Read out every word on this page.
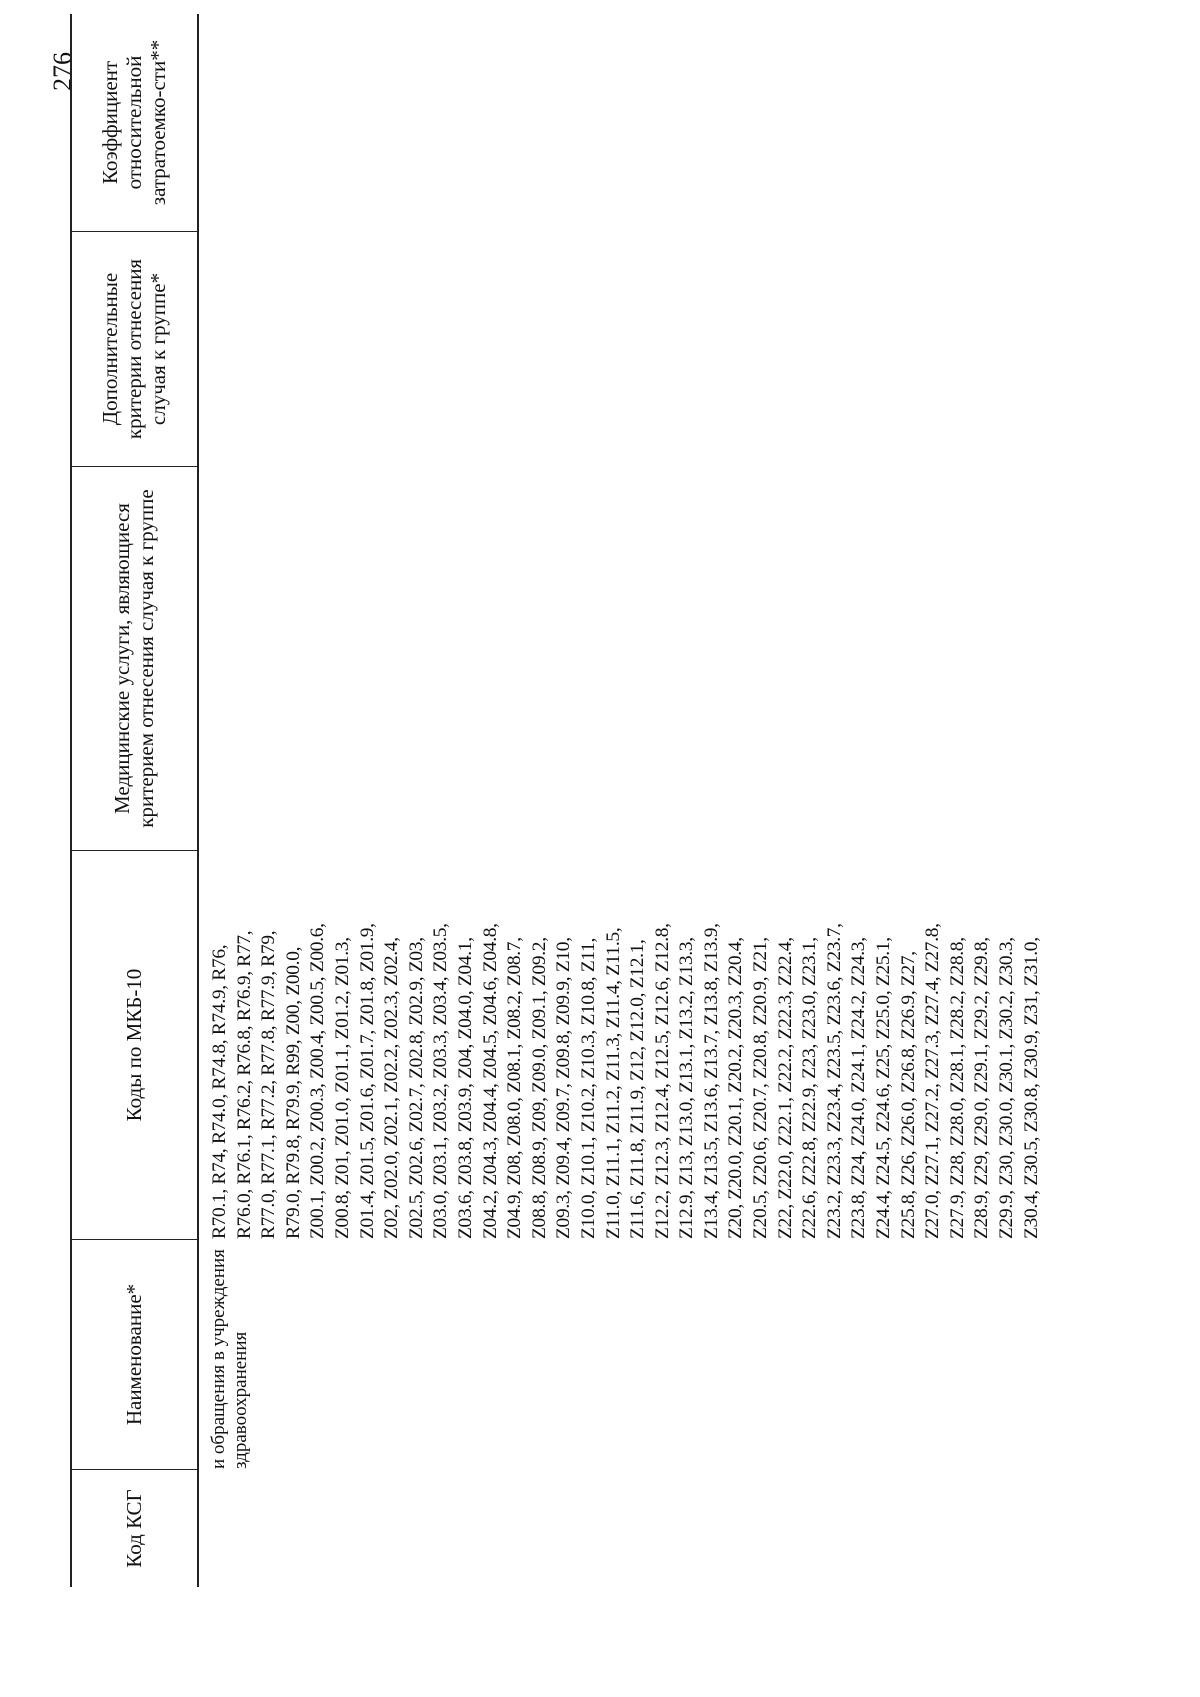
276
Код КСГ
Наименование*
Коды по МКБ-10
Медицинские услуги, являющиеся критерием отнесения случая к группе
Дополнительные критерии отнесения случая к группе*
Коэффициент относительной затратоемко-сти**
и обращения в учреждения здравоохранения
R70.1, R74, R74.0, R74.8, R74.9, R76, R76.0, R76.1, R76.2, R76.8, R76.9, R77, R77.0, R77.1, R77.2, R77.8, R77.9, R79, R79.0, R79.8, R79.9, R99, Z00, Z00.0, Z00.1, Z00.2, Z00.3, Z00.4, Z00.5, Z00.6, Z00.8, Z01, Z01.0, Z01.1, Z01.2, Z01.3, Z01.4, Z01.5, Z01.6, Z01.7, Z01.8, Z01.9, Z02, Z02.0, Z02.1, Z02.2, Z02.3, Z02.4, Z02.5, Z02.6, Z02.7, Z02.8, Z02.9, Z03, Z03.0, Z03.1, Z03.2, Z03.3, Z03.4, Z03.5, Z03.6, Z03.8, Z03.9, Z04, Z04.0, Z04.1, Z04.2, Z04.3, Z04.4, Z04.5, Z04.6, Z04.8, Z04.9, Z08, Z08.0, Z08.1, Z08.2, Z08.7, Z08.8, Z08.9, Z09, Z09.0, Z09.1, Z09.2, Z09.3, Z09.4, Z09.7, Z09.8, Z09.9, Z10, Z10.0, Z10.1, Z10.2, Z10.3, Z10.8, Z11, Z11.0, Z11.1, Z11.2, Z11.3, Z11.4, Z11.5, Z11.6, Z11.8, Z11.9, Z12, Z12.0, Z12.1, Z12.2, Z12.3, Z12.4, Z12.5, Z12.6, Z12.8, Z12.9, Z13, Z13.0, Z13.1, Z13.2, Z13.3, Z13.4, Z13.5, Z13.6, Z13.7, Z13.8, Z13.9, Z20, Z20.0, Z20.1, Z20.2, Z20.3, Z20.4, Z20.5, Z20.6, Z20.7, Z20.8, Z20.9, Z21, Z22, Z22.0, Z22.1, Z22.2, Z22.3, Z22.4, Z22.6, Z22.8, Z22.9, Z23, Z23.0, Z23.1, Z23.2, Z23.3, Z23.4, Z23.5, Z23.6, Z23.7, Z23.8, Z24, Z24.0, Z24.1, Z24.2, Z24.3, Z24.4, Z24.5, Z24.6, Z25, Z25.0, Z25.1, Z25.8, Z26, Z26.0, Z26.8, Z26.9, Z27, Z27.0, Z27.1, Z27.2, Z27.3, Z27.4, Z27.8, Z27.9, Z28, Z28.0, Z28.1, Z28.2, Z28.8, Z28.9, Z29, Z29.0, Z29.1, Z29.2, Z29.8, Z29.9, Z30, Z30.0, Z30.1, Z30.2, Z30.3, Z30.4, Z30.5, Z30.8, Z30.9, Z31, Z31.0,
